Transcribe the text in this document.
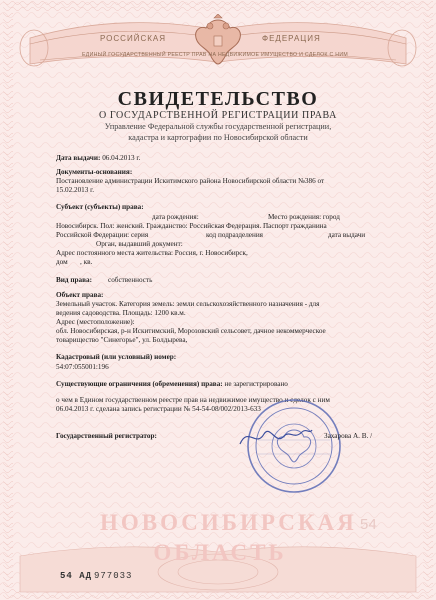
РОССИЙСКАЯ	ФЕДЕРАЦИЯ
ЕДИНЫЙ ГОСУДАРСТВЕННЫЙ РЕЕСТР ПРАВ НА НЕДВИЖИМОЕ ИМУЩЕСТВО И СДЕЛОК С НИМ
СВИДЕТЕЛЬСТВО
О ГОСУДАРСТВЕННОЙ РЕГИСТРАЦИИ ПРАВА
Управление Федеральной службы государственной регистрации,
кадастра и картографии по Новосибирской области
Дата выдачи: 06.04.2013 г.
Документы-основания:
Постановление администрации Искитимского района Новосибирской области №386 от
15.02.2013 г.
Субъект (субъекты) права:
дата рождения:	Место рождения: город
Новосибирск. Пол: женский. Гражданство: Российская Федерация. Паспорт гражданина
Российской Федерации: серия	код подразделения	дата выдачи
Орган, выдавший документ:
Адрес постоянного места жительства: Россия, г. Новосибирск,
дом , кв.
Вид права: собственность
Объект права:
Земельный участок. Категория земель: земли сельскохозяйственного назначения - для
ведения садоводства. Площадь: 1200 кв.м.
Адрес (местоположение):
обл. Новосибирская, р-н Искитимский, Морозовский сельсовет, дачное некоммерческое
товарищество "Синегорье", ул. Болдырева,
Кадастровый (или условный) номер:
54:07:055001:196
Существующие ограничения (обременения) права: не зарегистрировано
о чем в Едином государственном реестре прав на недвижимое имущество и сделок с ним
06.04.2013 г. сделана запись регистрации № 54-54-08/002/2013-633
Государственный регистратор:	Захарова А. В. /
НОВОСИБИРСКАЯ
ОБЛАСТЬ
54
54 АД 977033
